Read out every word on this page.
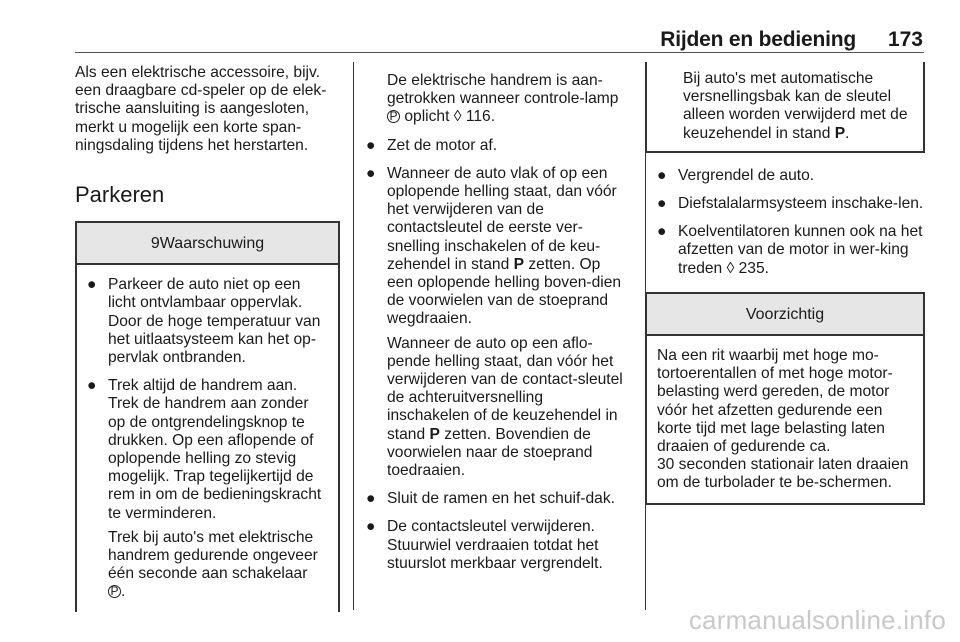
Rijden en bediening 173

Als een elektrische accessoire, bijv. een draagbare cd-speler op de elek-trische aansluiting is aangesloten, merkt u mogelijk een korte span-ningsdaling tijdens het herstarten.

Parkeren
9Waarschuwing
● Parkeer de auto niet op een licht ontvlambaar oppervlak. Door de hoge temperatuur van het uitlaatsysteem kan het op-pervlak ontbranden.
● Trek altijd de handrem aan. Trek de handrem aan zonder op de ontgrendelingsknop te drukken. Op een aflopende of oplopende helling zo stevig mogelijk. Trap tegelijkertijd de rem in om de bedieningskracht te verminderen.

Trek bij auto's met elektrische handrem gedurende ongeveer één seconde aan schakelaar
P .

De elektrische handrem is aan-getrokken wanneer controle-lamp P oplicht ◊ 116.

● Zet de motor af.
● Wanneer de auto vlak of op een oplopende helling staat, dan vóór het verwijderen van de contactsleutel de eerste ver-snelling inschakelen of de keu-zehendel in stand P zetten. Op een oplopende helling boven-dien de voorwielen van de stoeprand wegdraaien.

Wanneer de auto op een aflo-pende helling staat, dan vóór het verwijderen van de contact-sleutel de achteruitversnelling inschakelen of de keuzehendel in stand P zetten. Bovendien de voorwielen naar de stoeprand toedraaien.

● Sluit de ramen en het schuif-dak.
● De contactsleutel verwijderen. Stuurwiel verdraaien totdat het stuurslot merkbaar vergrendelt.
Bij auto's met automatische versnellingsbak kan de sleutel alleen worden verwijderd met de keuzehendel in stand P.
● Vergrendel de auto.
● Diefstalalarmsysteem inschake-len.
● Koelventilatoren kunnen ook na het afzetten van de motor in wer-king treden ◊ 235.
Voorzichtig

Na een rit waarbij met hoge mo-tortoerentallen of met hoge motor-belasting werd gereden, de motor vóór het afzetten gedurende een korte tijd met lage belasting laten draaien of gedurende ca.

30 seconden stationair laten draaien om de turbolader te be-schermen.

carmanualsonline.info
